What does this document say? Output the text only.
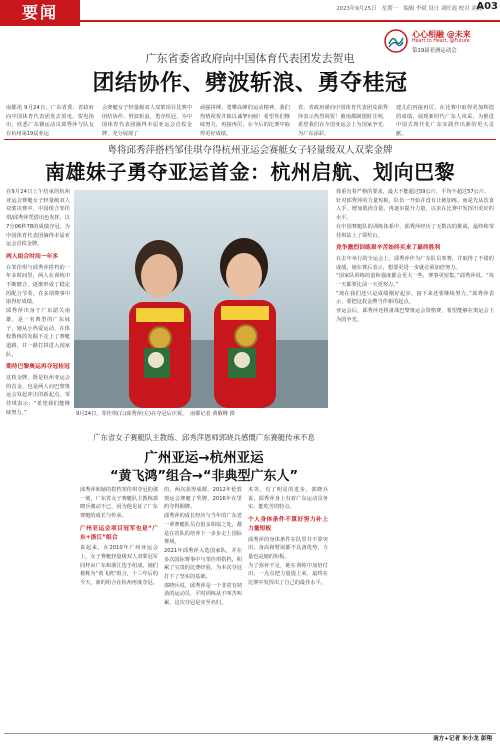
要闻	2023年9月25日　星期一　编辑 李斌 设计 刘旺霞 校对 刘翼
A03
心心相融 @未来
Heart to Heart, @Future
第19届亚洲运动会
广东省委省政府向中国体育代表团发去贺电
团结协作、劈波斩浪、勇夺桂冠
南都讯 9月24日，广东省委、省政府向中国体育代表团发去贺电。贺电指出，欣悉广东籍运动员邱秀萍与队友在杭州第19届亚运
会赛艇女子轻量级双人双桨项目比赛中团结协作、劈波斩浪，勇夺桂冠，为中国体育代表团摘得本届亚运会首枚金牌，充分展现了
顽强拼搏、勇攀高峰的运动精神，我们热情祝贺并致以诚挚问候！希望你们继续努力，再接再厉，在今后的比赛中取得更好成绩。
省、省政府谨向中国体育代表团及邱秀萍表示热烈祝贺！被南都制图时注明，希望我们在全国亚运会上为国家争光、为广东添彩。
建儿们再接再厉，在比赛中取得更加辉煌的成绩，展现新时代广东人风采，为推进中国式现代化广东实践作出新的更大贡献。
粤将邱秀萍搭档邹佳琪夺得杭州亚运会赛艇女子轻量级双人双桨金牌
南雄妹子勇夺亚运首金：杭州启航、划向巴黎
在9月24日上午结束的杭州亚运会赛艇女子轻量级双人双桨决赛中，中国组合邹佳琪/邱秀萍凭借出色发挥，以7分06秒78的成绩夺冠，为中国体育代表团摘得本届亚运会首枚金牌。
两人组合时间一年多
在邹佳琪与邱秀萍搭档的一年多时间里，两人在训练中不断磨合，逐渐形成了稳定的配合节奏，在多项赛事中取得好成绩。
邱秀萍出身于广东韶关南雄，是一名典型的广东妹子，她从小热爱运动，在体校教练的发掘下走上了赛艇道路，并一路打拼进入国家队。
期待巴黎奥运再夺冠桂冠
这枚金牌，既是杭州亚运会的首金，也是两人向巴黎奥运会发起冲击的新起点。邹佳琪表示：“希望我们能继续努力。”	9月24日，邹佳琪(右)邱秀萍(左)在夺冠后庆祝。　南都记者 黄敬峰 摄
体重有着严格的要求，最大不能超过59公斤，平均不超过57公斤。
针对邱秀萍的力量短板，队伍一开始并没有让她加练，而是先从饮食入手，增加肌肉含量，再逐步提升力量，以求在比赛中发挥出更好的水平。
在中国赛艇队的训练体系中，邱秀萍经历了无数次的挑战，最终和邹佳琪站上了领奖台。
竞争激烈训练艰辛苦始终买来了最终胜利
在去年举行的全运会上，邱秀萍作为广东队员参赛，并取得了不错的成绩，她在赛后表示，想要更进一步就必须加倍努力。
“国家队训练的量和强度都会更大一些，赛事更密集。”邱秀萍说，“每一天都要比前一天更努力。”
“现在我们还只是成绩刚好起步，接下来还要继续努力。”邱秀萍表示，要把这枚金牌当作新的起点。
亚运会后，邱秀萍还将备战巴黎奥运会资格赛，希望能够在奥运会上为国争光。
广东省女子赛艇队主教练、邱秀萍恩师郭晓兵感慨广东赛艇传承不息
广州亚运→杭州亚运
“黄飞鸿”组合→“非典型广东人”
邱秀萍和她的搭档邹佳琪夺冠的那一刻，广东省女子赛艇队主教练郭晓兵激动不已，因为他见证了广东赛艇的成长与传承。
广州亚运会项目冠军也是“广东+浙江”组合
说起来，在2010年广州亚运会上，女子赛艇轻量级双人双桨冠军同样由广东和浙江选手组成，她们被称为“黄飞鸿”组合，十三年后的今天，新的组合在杭州再度夺冠。
的，两次获得成都、2012年伦敦奥运会赛艇了奖牌，2016年在里约夺得铜牌。
邱秀萍的成长经历与当年的广东老一辈赛艇队员有很多相似之处，都是在省队的培养下一步步走上国际赛场。
2021年邱秀萍入选国家队，并在多次国际赛事中与邹佳琪搭档，积累了宝贵的比赛经验，为本次夺冠打下了坚实的基础。
郭晓兵说，邱秀萍是一个非常有韧劲的运动员，平时训练从不叫苦叫累，这次夺冠是实至名归。
术等，有了明显的进步。郭晓兵说，邱秀萍身上有着广东运动员务实、能吃苦的特点。
个人身体条件不算好努力补上力量短板
邱秀萍的身体条件在队里并不算突出，身高和臂展都不具备优势，力量也是她的短板。
为了弥补不足，她在训练中加倍付出，一点点把力量提上来，最终在比赛中发挥出了自己的最佳水平。
南方+记者 朱小龙 彭翔
